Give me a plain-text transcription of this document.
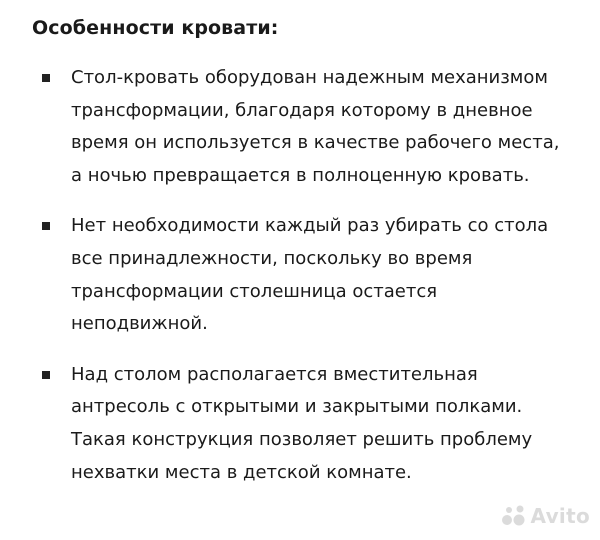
Особенности кровати:
Стол-кровать оборудован надежным механизмом трансформации, благодаря которому в дневное время он используется в качестве рабочего места, а ночью превращается в полноценную кровать.
Нет необходимости каждый раз убирать со стола все принадлежности, поскольку во время трансформации столешница остается неподвижной.
Над столом располагается вместительная антресоль с открытыми и закрытыми полками. Такая конструкция позволяет решить проблему нехватки места в детской комнате.
Avito
